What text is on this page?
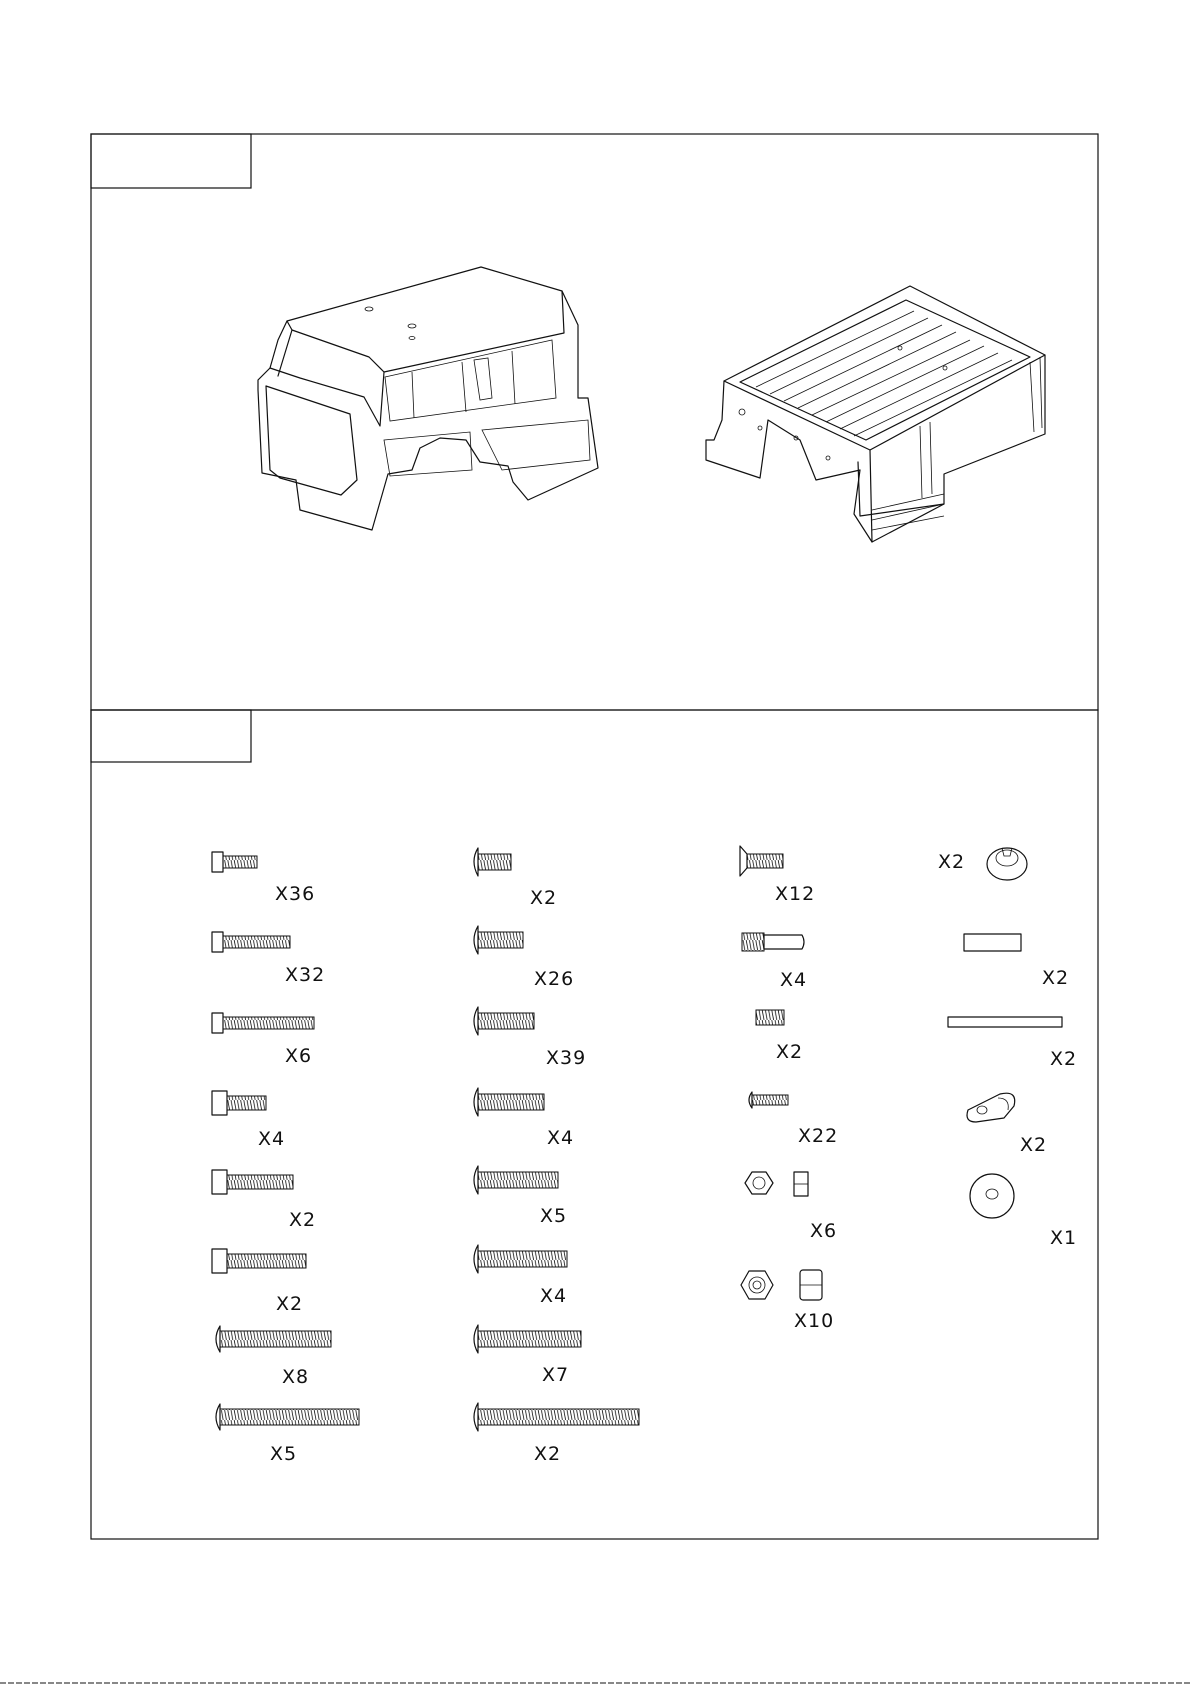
X36
X32
X6
X4
X2
X2
X8
X5
X2
X26
X39
X4
X5
X4
X7
X2
X12
X4
X2
X22
X6
X10
X2
X2
X2
X2
X1
